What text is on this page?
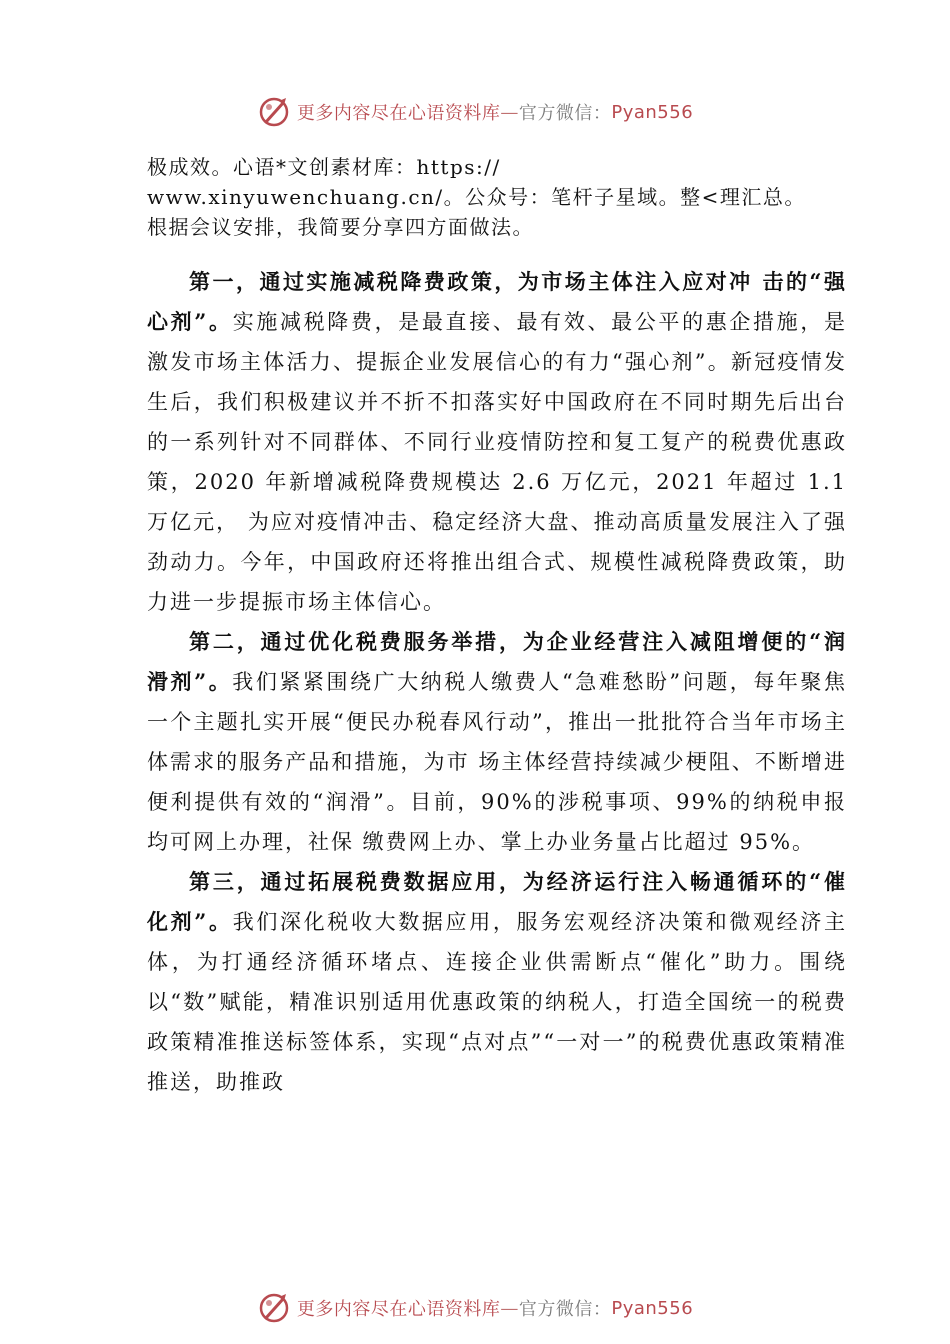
更多内容尽在心语资料库 — 官方微信： Pyan556

极成效。心语*文创素材库：https://
www.xinyuwenchuang.cn/。公众号：笔杆子星域。整<理汇总。
根据会议安排，我简要分享四方面做法。

第一，通过实施减税降费政策，为市场主体注入应对冲 击的“强心剂”。实施减税降费，是最直接、最有效、最公平的惠企措施，是激发市场主体活力、提振企业发展信心的有力“强心剂”。新冠疫情发生后，我们积极建议并不折不扣落实好中国政府在不同时期先后出台的一系列针对不同群体、不同行业疫情防控和复工复产的税费优惠政策，2020 年新增减税降费规模达 2.6 万亿元，2021 年超过 1.1 万亿元， 为应对疫情冲击、稳定经济大盘、推动高质量发展注入了强劲动力。今年，中国政府还将推出组合式、规模性减税降费政策，助力进一步提振市场主体信心。

第二，通过优化税费服务举措，为企业经营注入减阻增便的“润滑剂”。我们紧紧围绕广大纳税人缴费人“急难愁盼”问题，每年聚焦一个主题扎实开展“便民办税春风行动”，推出一批批符合当年市场主体需求的服务产品和措施，为市 场主体经营持续减少梗阻、不断增进便利提供有效的“润滑”。目前，90%的涉税事项、99%的纳税申报均可网上办理，社保 缴费网上办、掌上办业务量占比超过 95%。

第三，通过拓展税费数据应用，为经济运行注入畅通循环的“催化剂”。我们深化税收大数据应用，服务宏观经济决策和微观经济主体，为打通经济循环堵点、连接企业供需断点“催化”助力。围绕以“数”赋能，精准识别适用优惠政策的纳税人，打造全国统一的税费政策精准推送标签体系，实现“点对点”“一对一”的税费优惠政策精准推送，助推政

更多内容尽在心语资料库 — 官方微信： Pyan556
